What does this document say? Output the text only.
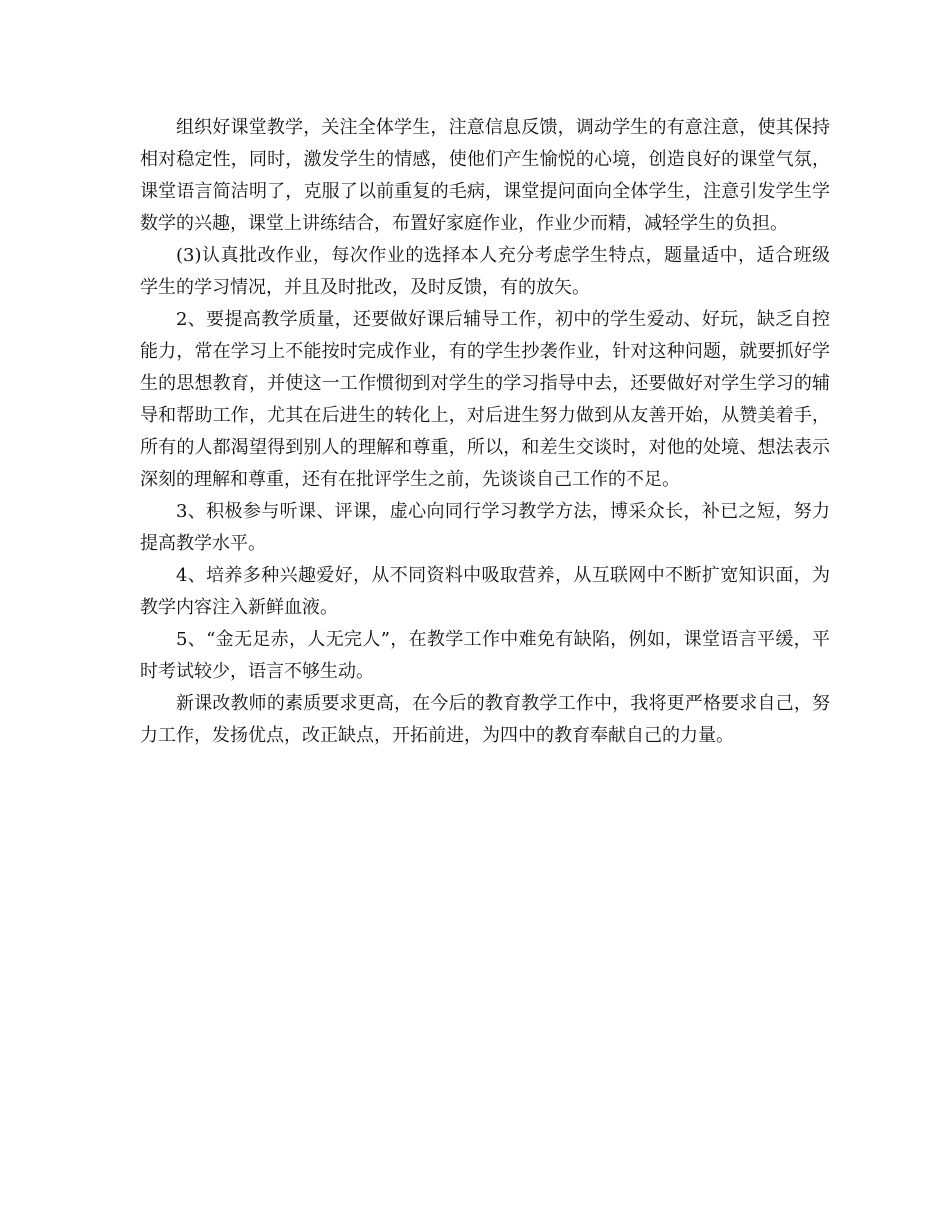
组织好课堂教学，关注全体学生，注意信息反馈，调动学生的有意注意，使其保持相对稳定性，同时，激发学生的情感，使他们产生愉悦的心境，创造良好的课堂气氛，课堂语言简洁明了，克服了以前重复的毛病，课堂提问面向全体学生，注意引发学生学数学的兴趣，课堂上讲练结合，布置好家庭作业，作业少而精，减轻学生的负担。

(3)认真批改作业，每次作业的选择本人充分考虑学生特点，题量适中，适合班级学生的学习情况，并且及时批改，及时反馈，有的放矢。

2、要提高教学质量，还要做好课后辅导工作，初中的学生爱动、好玩，缺乏自控能力，常在学习上不能按时完成作业，有的学生抄袭作业，针对这种问题，就要抓好学生的思想教育，并使这一工作惯彻到对学生的学习指导中去，还要做好对学生学习的辅导和帮助工作，尤其在后进生的转化上，对后进生努力做到从友善开始，从赞美着手，所有的人都渴望得到别人的理解和尊重，所以，和差生交谈时，对他的处境、想法表示深刻的理解和尊重，还有在批评学生之前，先谈谈自己工作的不足。

3、积极参与听课、评课，虚心向同行学习教学方法，博采众长，补已之短，努力提高教学水平。

4、培养多种兴趣爱好，从不同资料中吸取营养，从互联网中不断扩宽知识面，为教学内容注入新鲜血液。

5、“金无足赤，人无完人”，在教学工作中难免有缺陷，例如，课堂语言平缓，平时考试较少，语言不够生动。

新课改教师的素质要求更高，在今后的教育教学工作中，我将更严格要求自己，努力工作，发扬优点，改正缺点，开拓前进，为四中的教育奉献自己的力量。
